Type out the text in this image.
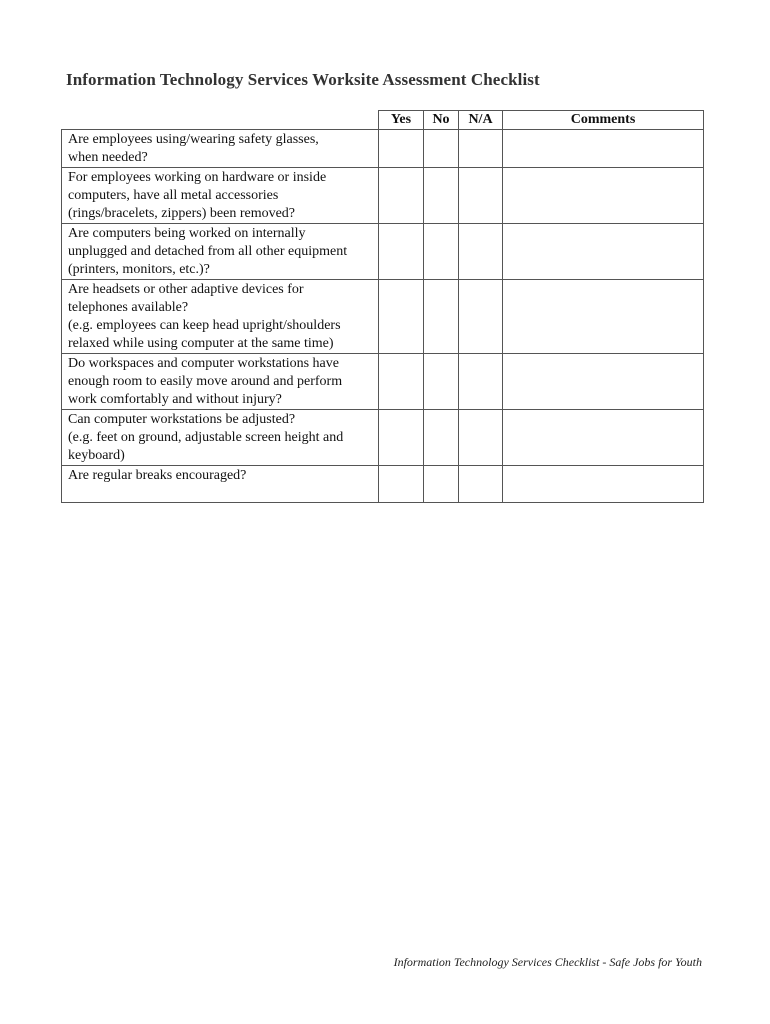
Information Technology Services Worksite Assessment Checklist
	Yes	No	N/A	Comments

Are employees using/wearing safety glasses,
when needed?				

For employees working on hardware or inside
computers, have all metal accessories
(rings/bracelets, zippers) been removed?				

Are computers being worked on internally
unplugged and detached from all other equipment
(printers, monitors, etc.)?				

Are headsets or other adaptive devices for
telephones available?
(e.g. employees can keep head upright/shoulders
relaxed while using computer at the same time)				

Do workspaces and computer workstations have
enough room to easily move around and perform
work comfortably and without injury?				

Can computer workstations be adjusted?
(e.g. feet on ground, adjustable screen height and
keyboard)				

Are regular breaks encouraged?				

Information Technology Services Checklist - Safe Jobs for Youth
